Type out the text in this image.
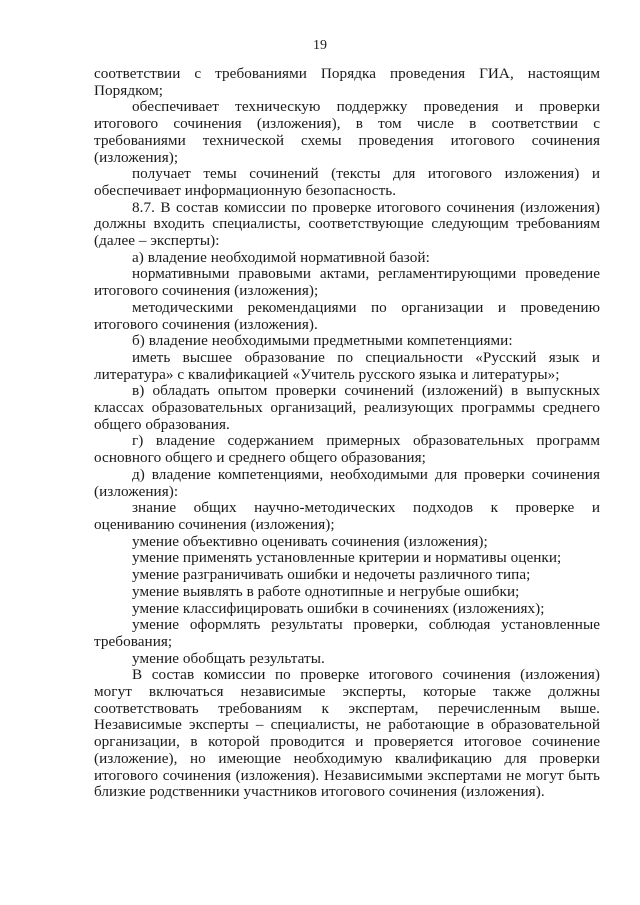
19

соответствии с требованиями Порядка проведения ГИА, настоящим Порядком;

обеспечивает техническую поддержку проведения и проверки итогового сочинения (изложения), в том числе в соответствии с требованиями технической схемы проведения итогового сочинения (изложения);

получает темы сочинений (тексты для итогового изложения) и обеспечивает информационную безопасность.

8.7. В состав комиссии по проверке итогового сочинения (изложения) должны входить специалисты, соответствующие следующим требованиям (далее – эксперты):

а) владение необходимой нормативной базой:

нормативными правовыми актами, регламентирующими проведение итогового сочинения (изложения);

методическими рекомендациями по организации и проведению итогового сочинения (изложения).

б) владение необходимыми предметными компетенциями:

иметь высшее образование по специальности «Русский язык и литература» с квалификацией «Учитель русского языка и литературы»;

в) обладать опытом проверки сочинений (изложений) в выпускных классах образовательных организаций, реализующих программы среднего общего образования.

г) владение содержанием примерных образовательных программ основного общего и среднего общего образования;

д) владение компетенциями, необходимыми для проверки сочинения (изложения):

знание общих научно-методических подходов к проверке и оцениванию сочинения (изложения);

умение объективно оценивать сочинения (изложения);

умение применять установленные критерии и нормативы оценки;

умение разграничивать ошибки и недочеты различного типа;

умение выявлять в работе однотипные и негрубые ошибки;

умение классифицировать ошибки в сочинениях (изложениях);

умение оформлять результаты проверки, соблюдая установленные требования;

умение обобщать результаты.

В состав комиссии по проверке итогового сочинения (изложения) могут включаться независимые эксперты, которые также должны соответствовать требованиям к экспертам, перечисленным выше. Независимые эксперты – специалисты, не работающие в образовательной организации, в которой проводится и проверяется итоговое сочинение (изложение), но имеющие необходимую квалификацию для проверки итогового сочинения (изложения). Независимыми экспертами не могут быть близкие родственники участников итогового сочинения (изложения).
